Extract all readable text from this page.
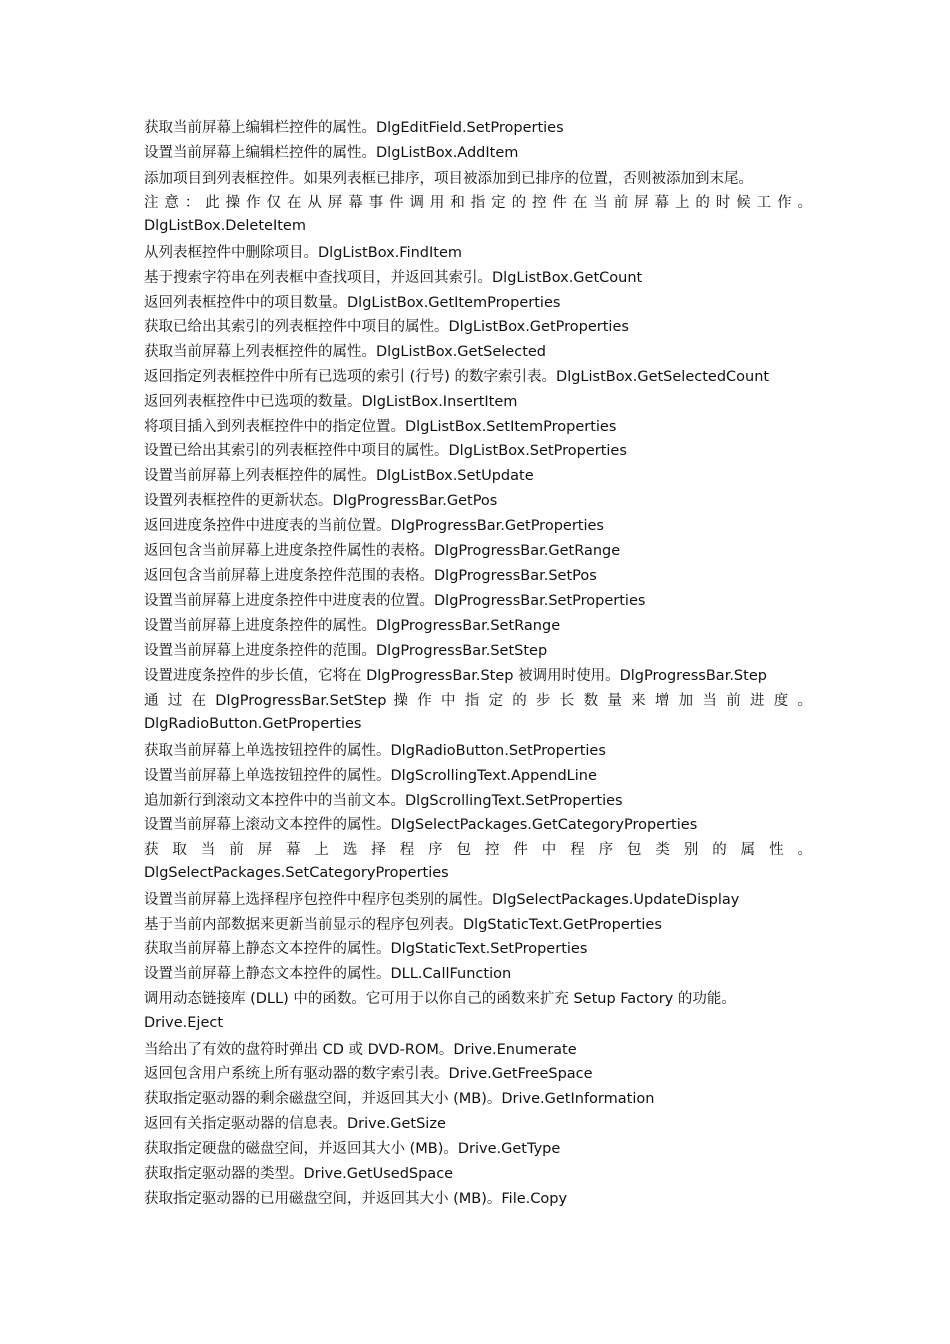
获取当前屏幕上编辑栏控件的属性。DlgEditField.SetProperties
设置当前屏幕上编辑栏控件的属性。DlgListBox.AddItem
添加项目到列表框控件。如果列表框已排序，项目被添加到已排序的位置，否则被添加到末尾。
注 意 ： 此 操 作 仅 在 从 屏 幕 事 件 调 用 和 指 定 的 控 件 在 当 前 屏 幕 上 的 时 候 工 作 。
DlgListBox.DeleteItem
从列表框控件中删除项目。DlgListBox.FindItem
基于搜索字符串在列表框中查找项目，并返回其索引。DlgListBox.GetCount
返回列表框控件中的项目数量。DlgListBox.GetItemProperties
获取已给出其索引的列表框控件中项目的属性。DlgListBox.GetProperties
获取当前屏幕上列表框控件的属性。DlgListBox.GetSelected
返回指定列表框控件中所有已选项的索引 (行号) 的数字索引表。DlgListBox.GetSelectedCount
返回列表框控件中已选项的数量。DlgListBox.InsertItem
将项目插入到列表框控件中的指定位置。DlgListBox.SetItemProperties
设置已给出其索引的列表框控件中项目的属性。DlgListBox.SetProperties
设置当前屏幕上列表框控件的属性。DlgListBox.SetUpdate
设置列表框控件的更新状态。DlgProgressBar.GetPos
返回进度条控件中进度表的当前位置。DlgProgressBar.GetProperties
返回包含当前屏幕上进度条控件属性的表格。DlgProgressBar.GetRange
返回包含当前屏幕上进度条控件范围的表格。DlgProgressBar.SetPos
设置当前屏幕上进度条控件中进度表的位置。DlgProgressBar.SetProperties
设置当前屏幕上进度条控件的属性。DlgProgressBar.SetRange
设置当前屏幕上进度条控件的范围。DlgProgressBar.SetStep
设置进度条控件的步长值，它将在 DlgProgressBar.Step 被调用时使用。DlgProgressBar.Step
通 过 在 DlgProgressBar.SetStep 操 作 中 指 定 的 步 长 数 量 来 增 加 当 前 进 度 。
DlgRadioButton.GetProperties
获取当前屏幕上单选按钮控件的属性。DlgRadioButton.SetProperties
设置当前屏幕上单选按钮控件的属性。DlgScrollingText.AppendLine
追加新行到滚动文本控件中的当前文本。DlgScrollingText.SetProperties
设置当前屏幕上滚动文本控件的属性。DlgSelectPackages.GetCategoryProperties
获 取 当 前 屏 幕 上 选 择 程 序 包 控 件 中 程 序 包 类 别 的 属 性 。
DlgSelectPackages.SetCategoryProperties
设置当前屏幕上选择程序包控件中程序包类别的属性。DlgSelectPackages.UpdateDisplay
基于当前内部数据来更新当前显示的程序包列表。DlgStaticText.GetProperties
获取当前屏幕上静态文本控件的属性。DlgStaticText.SetProperties
设置当前屏幕上静态文本控件的属性。DLL.CallFunction
调用动态链接库 (DLL) 中的函数。它可用于以你自己的函数来扩充 Setup Factory 的功能。
Drive.Eject
当给出了有效的盘符时弹出 CD 或 DVD-ROM。Drive.Enumerate
返回包含用户系统上所有驱动器的数字索引表。Drive.GetFreeSpace
获取指定驱动器的剩余磁盘空间，并返回其大小 (MB)。Drive.GetInformation
返回有关指定驱动器的信息表。Drive.GetSize
获取指定硬盘的磁盘空间，并返回其大小 (MB)。Drive.GetType
获取指定驱动器的类型。Drive.GetUsedSpace
获取指定驱动器的已用磁盘空间，并返回其大小 (MB)。File.Copy
